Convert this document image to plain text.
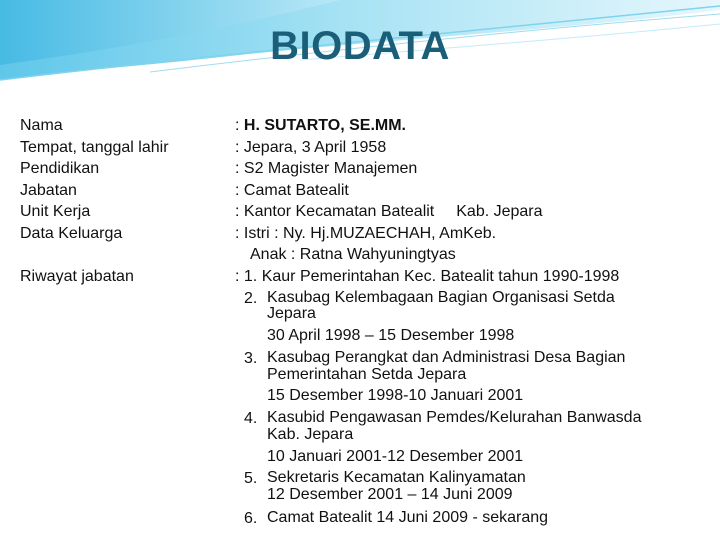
BIODATA
Nama
Tempat, tanggal lahir
Pendidikan
Jabatan
Unit Kerja
Data Keluarga
Riwayat jabatan
: H. SUTARTO, SE.MM.
: Jepara, 3 April 1958
: S2 Magister Manajemen
: Camat Batealit
: Kantor Kecamatan Batealit Kab. Jepara
: Istri : Ny. Hj.MUZAECHAH, AmKeb.
Anak : Ratna Wahyuningtyas
: 1. Kaur Pemerintahan Kec. Batealit tahun 1990-1998
2. Kasubag Kelembagaan Bagian Organisasi Setda
Jepara
30 April 1998 – 15 Desember 1998
3. Kasubag Perangkat dan Administrasi Desa Bagian
Pemerintahan Setda Jepara
15 Desember 1998-10 Januari 2001
4. Kasubid Pengawasan Pemdes/Kelurahan Banwasda
Kab. Jepara
10 Januari 2001-12 Desember 2001
5. Sekretaris Kecamatan Kalinyamatan
12 Desember 2001 – 14 Juni 2009
6. Camat Batealit 14 Juni 2009 - sekarang
